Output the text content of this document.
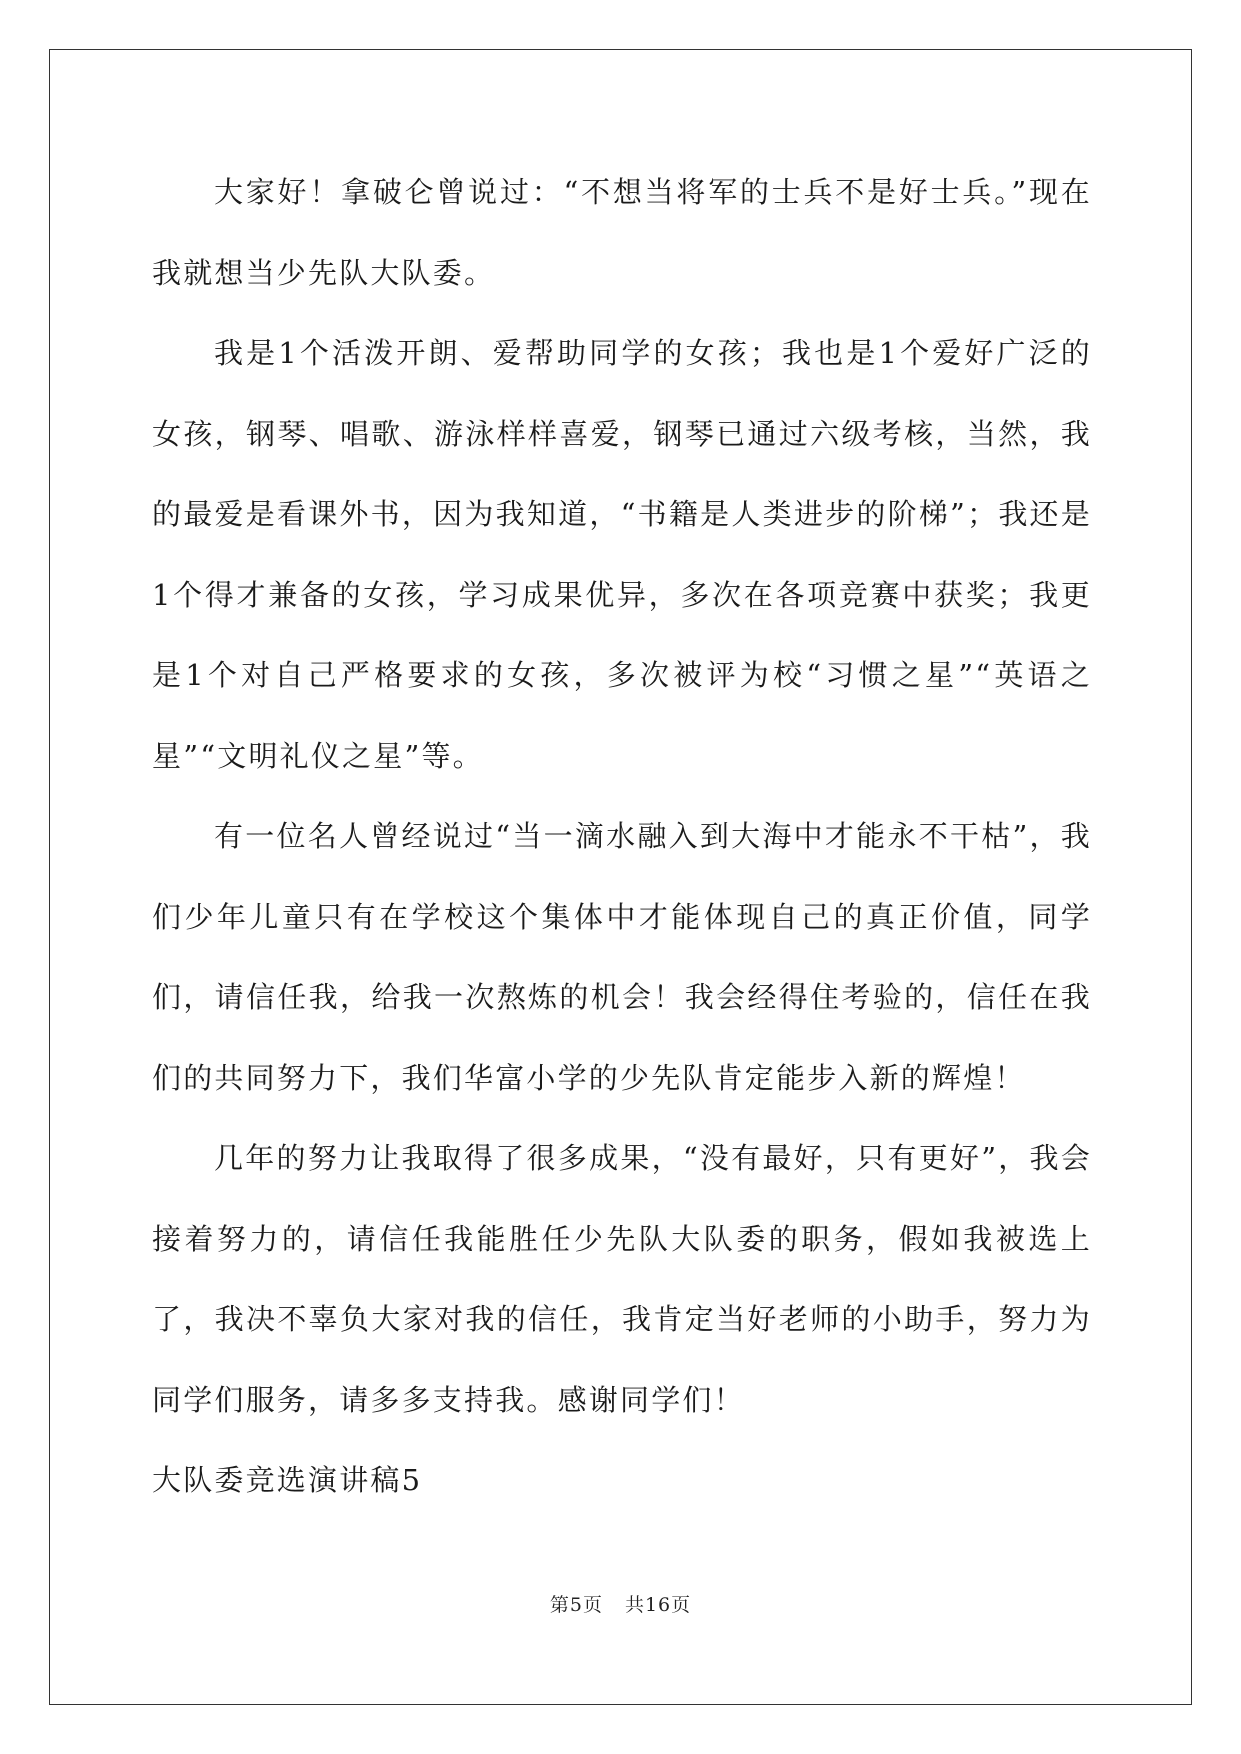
大家好！拿破仑曾说过：“不想当将军的士兵不是好士兵。”现在我就想当少先队大队委。

我是1个活泼开朗、爱帮助同学的女孩；我也是1个爱好广泛的女孩，钢琴、唱歌、游泳样样喜爱，钢琴已通过六级考核，当然，我的最爱是看课外书，因为我知道，“书籍是人类进步的阶梯”；我还是1个得才兼备的女孩，学习成果优异，多次在各项竞赛中获奖；我更是1个对自己严格要求的女孩，多次被评为校“习惯之星”“英语之星”“文明礼仪之星”等。

有一位名人曾经说过“当一滴水融入到大海中才能永不干枯”，我们少年儿童只有在学校这个集体中才能体现自己的真正价值，同学们，请信任我，给我一次熬炼的机会！我会经得住考验的，信任在我们的共同努力下，我们华富小学的少先队肯定能步入新的辉煌！

几年的努力让我取得了很多成果，“没有最好，只有更好”，我会接着努力的，请信任我能胜任少先队大队委的职务，假如我被选上了，我决不辜负大家对我的信任，我肯定当好老师的小助手，努力为同学们服务，请多多支持我。感谢同学们！

大队委竞选演讲稿5

第5页 共16页
